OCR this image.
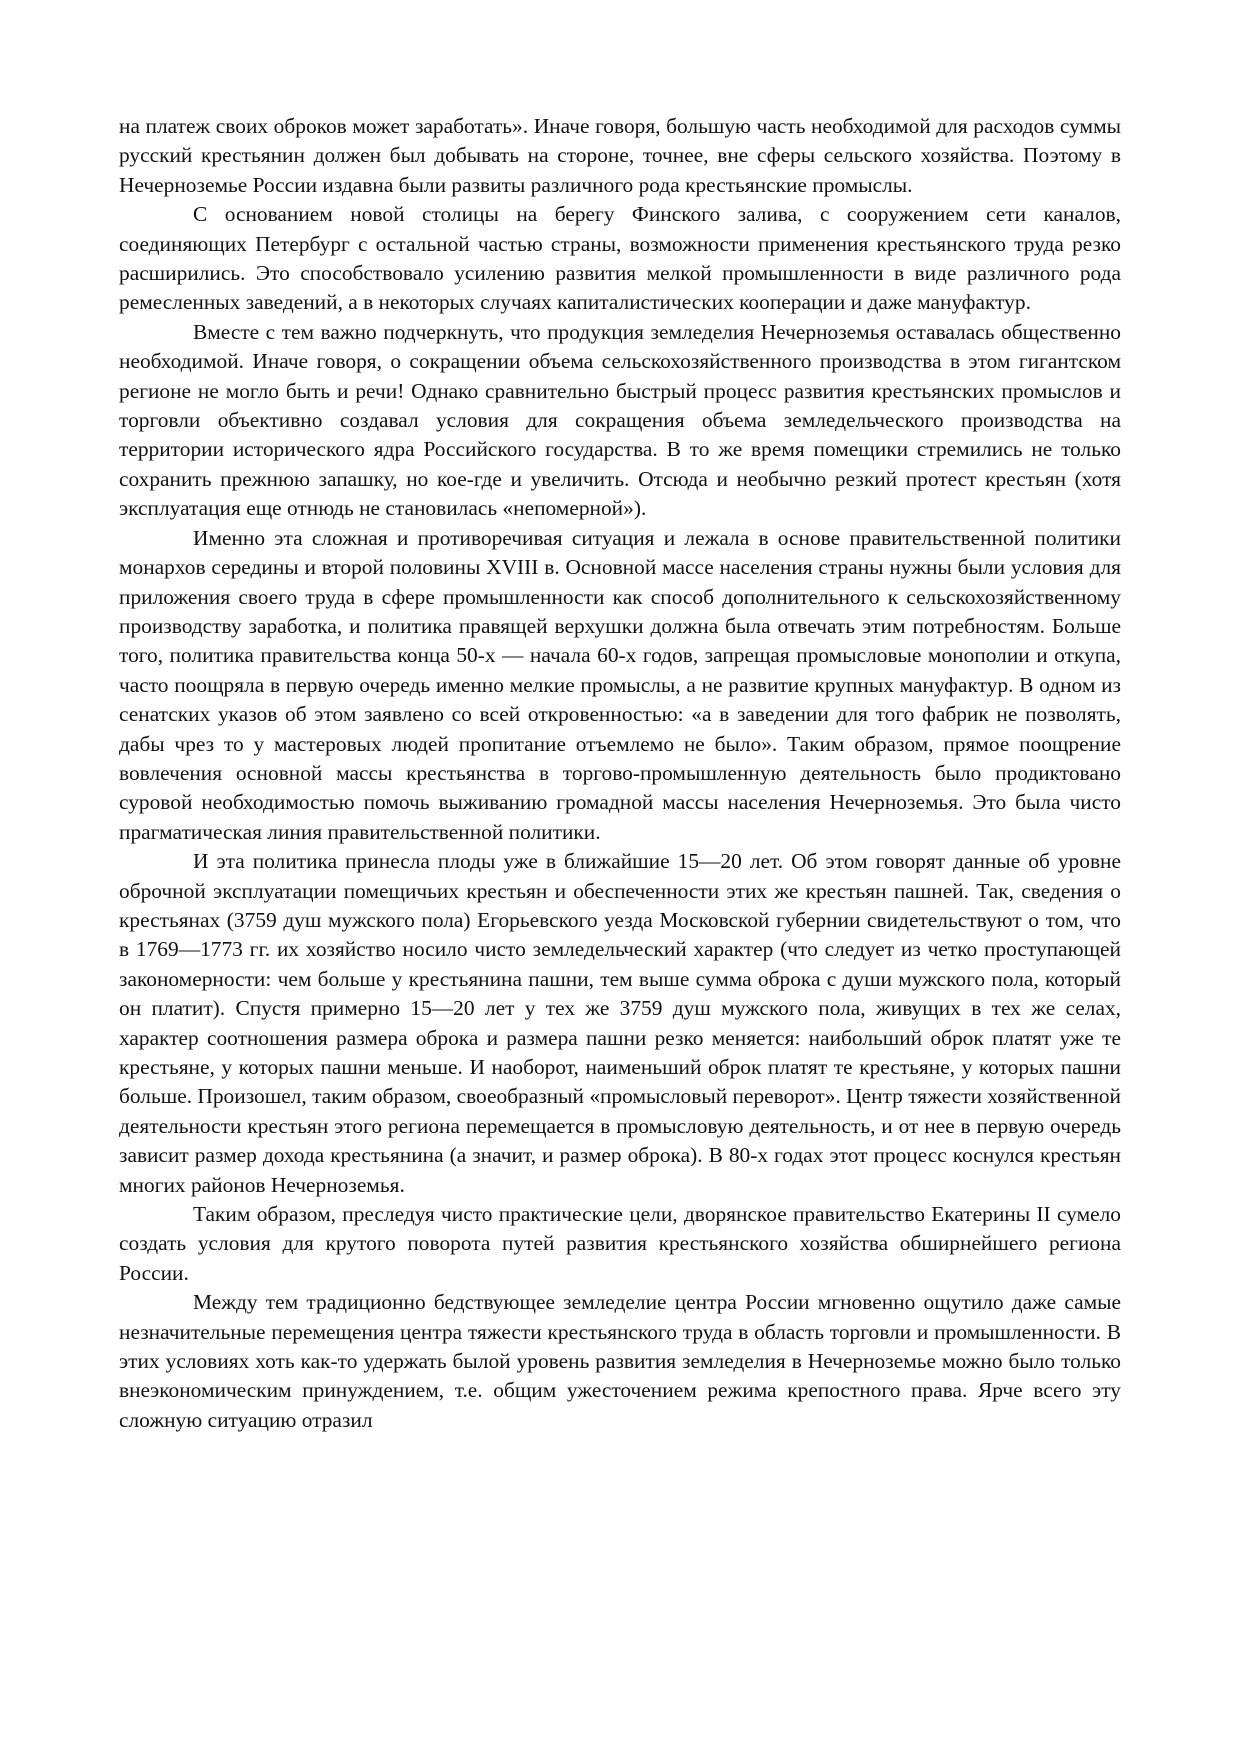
на платеж своих оброков может заработать». Иначе говоря, большую часть необходимой для расходов суммы русский крестьянин должен был добывать на стороне, точнее, вне сферы сельского хозяйства. Поэтому в Нечерноземье России издавна были развиты различного рода крестьянские промыслы.

С основанием новой столицы на берегу Финского залива, с сооружением сети каналов, соединяющих Петербург с остальной частью страны, возможности применения крестьянского труда резко расширились. Это способствовало усилению развития мелкой промышленности в виде различного рода ремесленных заведений, а в некоторых случаях капиталистических кооперации и даже мануфактур.

Вместе с тем важно подчеркнуть, что продукция земледелия Нечерноземья оставалась общественно необходимой. Иначе говоря, о сокращении объема сельскохозяйственного производства в этом гигантском регионе не могло быть и речи! Однако сравнительно быстрый процесс развития крестьянских промыслов и торговли объективно создавал условия для сокращения объема земледельческого производства на территории исторического ядра Российского государства. В то же время помещики стремились не только сохранить прежнюю запашку, но кое-где и увеличить. Отсюда и необычно резкий протест крестьян (хотя эксплуатация еще отнюдь не становилась «непомерной»).

Именно эта сложная и противоречивая ситуация и лежала в основе правительственной политики монархов середины и второй половины XVIII в. Основной массе населения страны нужны были условия для приложения своего труда в сфере промышленности как способ дополнительного к сельскохозяйственному производству заработка, и политика правящей верхушки должна была отвечать этим потребностям. Больше того, политика правительства конца 50-х — начала 60-х годов, запрещая промысловые монополии и откупа, часто поощряла в первую очередь именно мелкие промыслы, а не развитие крупных мануфактур. В одном из сенатских указов об этом заявлено со всей откровенностью: «а в заведении для того фабрик не позволять, дабы чрез то у мастеровых людей пропитание отъемлемо не было». Таким образом, прямое поощрение вовлечения основной массы крестьянства в торгово-промышленную деятельность было продиктовано суровой необходимостью помочь выживанию громадной массы населения Нечерноземья. Это была чисто прагматическая линия правительственной политики.

И эта политика принесла плоды уже в ближайшие 15—20 лет. Об этом говорят данные об уровне оброчной эксплуатации помещичьих крестьян и обеспеченности этих же крестьян пашней. Так, сведения о крестьянах (3759 душ мужского пола) Егорьевского уезда Московской губернии свидетельствуют о том, что в 1769—1773 гг. их хозяйство носило чисто земледельческий характер (что следует из четко проступающей закономерности: чем больше у крестьянина пашни, тем выше сумма оброка с души мужского пола, который он платит). Спустя примерно 15—20 лет у тех же 3759 душ мужского пола, живущих в тех же селах, характер соотношения размера оброка и размера пашни резко меняется: наибольший оброк платят уже те крестьяне, у которых пашни меньше. И наоборот, наименьший оброк платят те крестьяне, у которых пашни больше. Произошел, таким образом, своеобразный «промысловый переворот». Центр тяжести хозяйственной деятельности крестьян этого региона перемещается в промысловую деятельность, и от нее в первую очередь зависит размер дохода крестьянина (а значит, и размер оброка). В 80-х годах этот процесс коснулся крестьян многих районов Нечерноземья.

Таким образом, преследуя чисто практические цели, дворянское правительство Екатерины II сумело создать условия для крутого поворота путей развития крестьянского хозяйства обширнейшего региона России.

Между тем традиционно бедствующее земледелие центра России мгновенно ощутило даже самые незначительные перемещения центра тяжести крестьянского труда в область торговли и промышленности. В этих условиях хоть как-то удержать былой уровень развития земледелия в Нечерноземье можно было только внеэкономическим принуждением, т.е. общим ужесточением режима крепостного права. Ярче всего эту сложную ситуацию отразил
